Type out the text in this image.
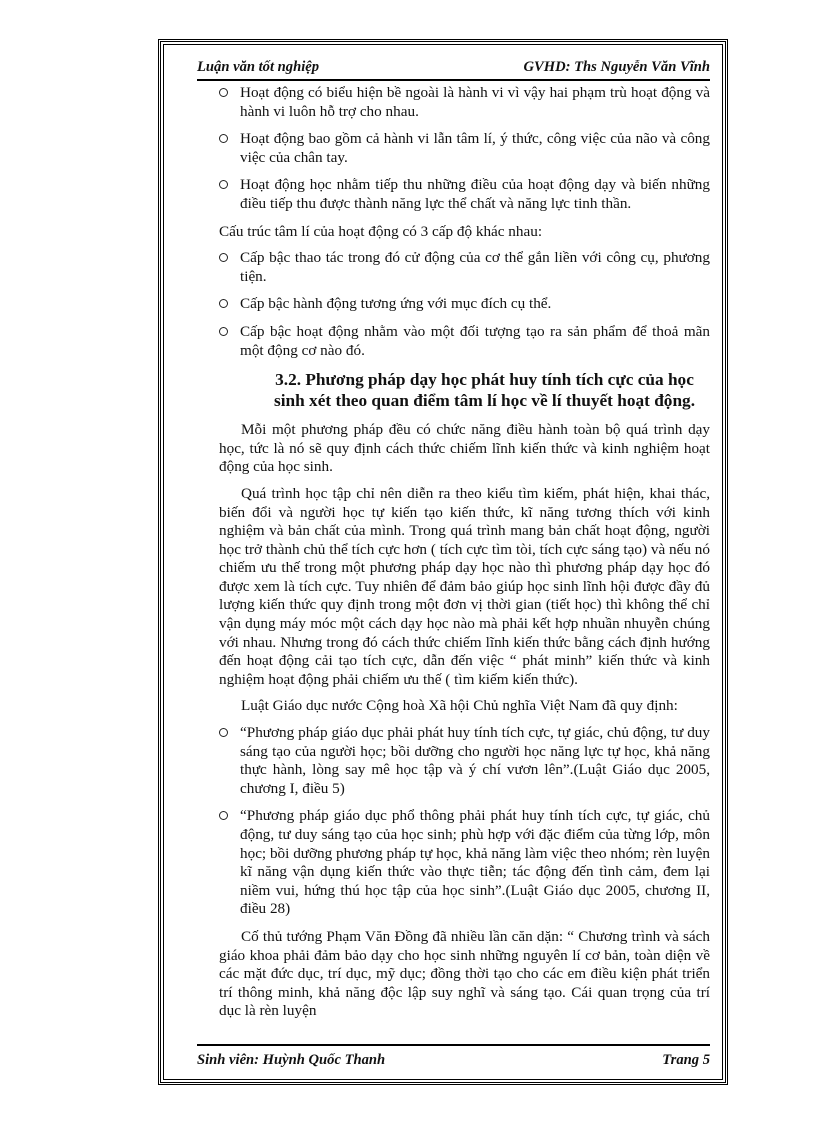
Luận văn tốt nghiệp	GVHD: Ths Nguyễn Văn Vĩnh
Hoạt động có biểu hiện bề ngoài là hành vi vì vậy hai phạm trù hoạt động và hành vi luôn hỗ trợ cho nhau.
Hoạt động bao gồm cả hành vi lẫn tâm lí, ý thức, công việc của não và công việc của chân tay.
Hoạt động học nhằm tiếp thu những điều của hoạt động dạy và biến những điều tiếp thu được thành năng lực thể chất và năng lực tinh thần.

Cấu trúc tâm lí của hoạt động có 3 cấp độ khác nhau:

Cấp bậc thao tác trong đó cử động của cơ thể gắn liền với công cụ, phương tiện.
Cấp bậc hành động tương ứng với mục đích cụ thể.
Cấp bậc hoạt động nhằm vào một đối tượng tạo ra sản phẩm để thoả mãn một động cơ nào đó.
3.2. Phương pháp dạy học phát huy tính tích cực của học sinh xét theo quan điểm tâm lí học về lí thuyết hoạt động.

Mỗi một phương pháp đều có chức năng điều hành toàn bộ quá trình dạy học, tức là nó sẽ quy định cách thức chiếm lĩnh kiến thức và kinh nghiệm hoạt động của học sinh.

Quá trình học tập chỉ nên diễn ra theo kiểu tìm kiếm, phát hiện, khai thác, biến đổi và người học tự kiến tạo kiến thức, kĩ năng tương thích với kinh nghiệm và bản chất của mình. Trong quá trình mang bản chất hoạt động, người học trở thành chủ thể tích cực hơn ( tích cực tìm tòi, tích cực sáng tạo) và nếu nó chiếm ưu thế trong một phương pháp dạy học nào thì phương pháp dạy học đó được xem là tích cực. Tuy nhiên để đảm bảo giúp học sinh lĩnh hội được đầy đủ lượng kiến thức quy định trong một đơn vị thời gian (tiết học) thì không thể chỉ vận dụng máy móc một cách dạy học nào mà phải kết hợp nhuần nhuyễn chúng với nhau. Nhưng trong đó cách thức chiếm lĩnh kiến thức bằng cách định hướng đến hoạt động cải tạo tích cực, dẫn đến việc “ phát minh” kiến thức và kinh nghiệm hoạt động phải chiếm ưu thế ( tìm kiếm kiến thức).

Luật Giáo dục nước Cộng hoà Xã hội Chủ nghĩa Việt Nam đã quy định:

“Phương pháp giáo dục phải phát huy tính tích cực, tự giác, chủ động, tư duy sáng tạo của người học; bồi dưỡng cho người học năng lực tự học, khả năng thực hành, lòng say mê học tập và ý chí vươn lên”.(Luật Giáo dục 2005, chương I, điều 5)
“Phương pháp giáo dục phổ thông phải phát huy tính tích cực, tự giác, chủ động, tư duy sáng tạo của học sinh; phù hợp với đặc điểm của từng lớp, môn học; bồi dưỡng phương pháp tự học, khả năng làm việc theo nhóm; rèn luyện kĩ năng vận dụng kiến thức vào thực tiễn; tác động đến tình cảm, đem lại niềm vui, hứng thú học tập của học sinh”.(Luật Giáo dục 2005, chương II, điều 28)

Cố thủ tướng Phạm Văn Đồng đã nhiều lần căn dặn: “ Chương trình và sách giáo khoa phải đảm bảo dạy cho học sinh những nguyên lí cơ bản, toàn diện về các mặt đức dục, trí dục, mỹ dục; đồng thời tạo cho các em điều kiện phát triển trí thông minh, khả năng độc lập suy nghĩ và sáng tạo. Cái quan trọng của trí dục là rèn luyện

Sinh viên: Huỳnh Quốc Thanh	Trang 5
